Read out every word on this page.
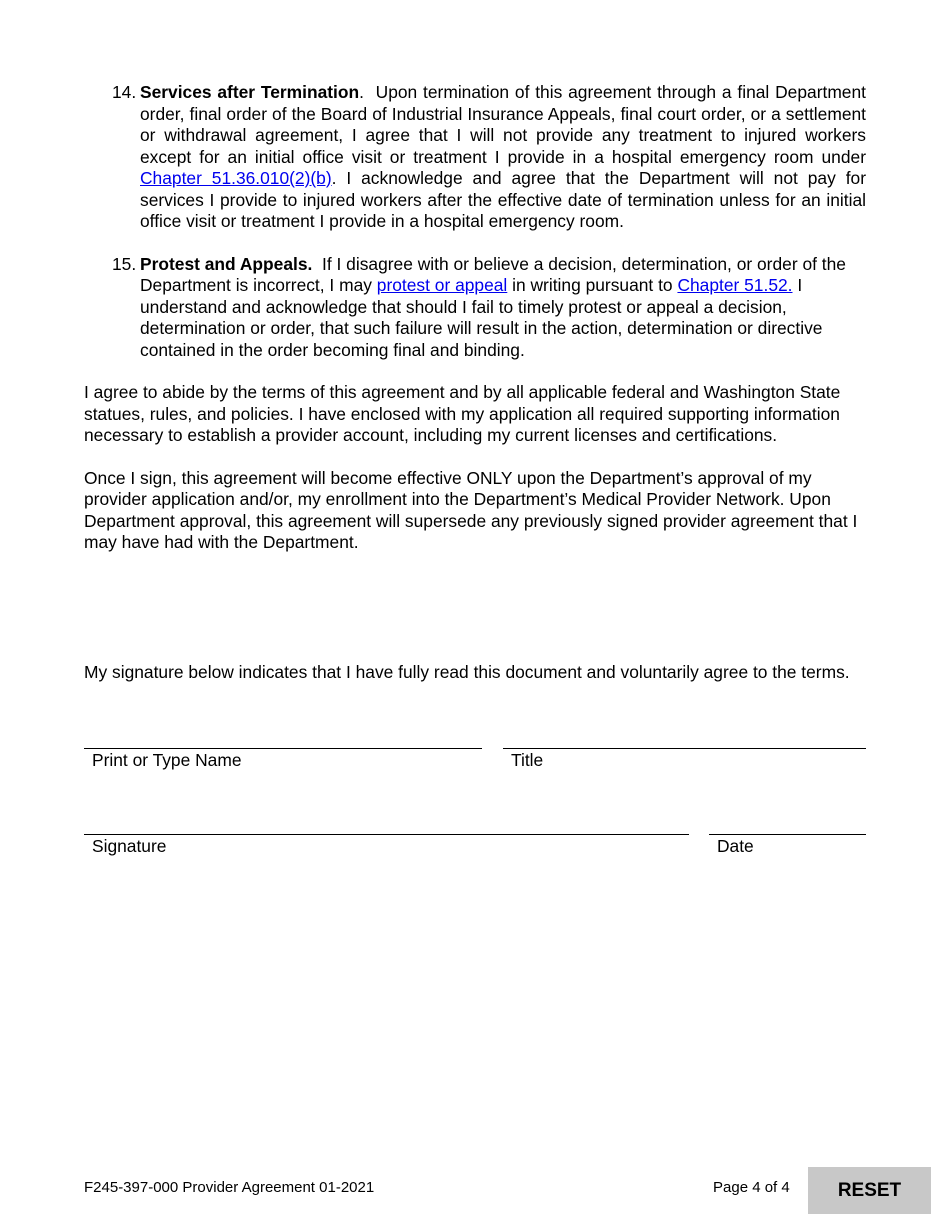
14. Services after Termination. Upon termination of this agreement through a final Department order, final order of the Board of Industrial Insurance Appeals, final court order, or a settlement or withdrawal agreement, I agree that I will not provide any treatment to injured workers except for an initial office visit or treatment I provide in a hospital emergency room under Chapter 51.36.010(2)(b). I acknowledge and agree that the Department will not pay for services I provide to injured workers after the effective date of termination unless for an initial office visit or treatment I provide in a hospital emergency room.
15. Protest and Appeals. If I disagree with or believe a decision, determination, or order of the Department is incorrect, I may protest or appeal in writing pursuant to Chapter 51.52. I understand and acknowledge that should I fail to timely protest or appeal a decision, determination or order, that such failure will result in the action, determination or directive contained in the order becoming final and binding.

I agree to abide by the terms of this agreement and by all applicable federal and Washington State statues, rules, and policies. I have enclosed with my application all required supporting information necessary to establish a provider account, including my current licenses and certifications.

Once I sign, this agreement will become effective ONLY upon the Department’s approval of my provider application and/or, my enrollment into the Department’s Medical Provider Network. Upon Department approval, this agreement will supersede any previously signed provider agreement that I may have had with the Department.

My signature below indicates that I have fully read this document and voluntarily agree to the terms.

Print or Type Name	Title
Signature	Date
F245-397-000 Provider Agreement 01-2021	Page 4 of 4	RESET
